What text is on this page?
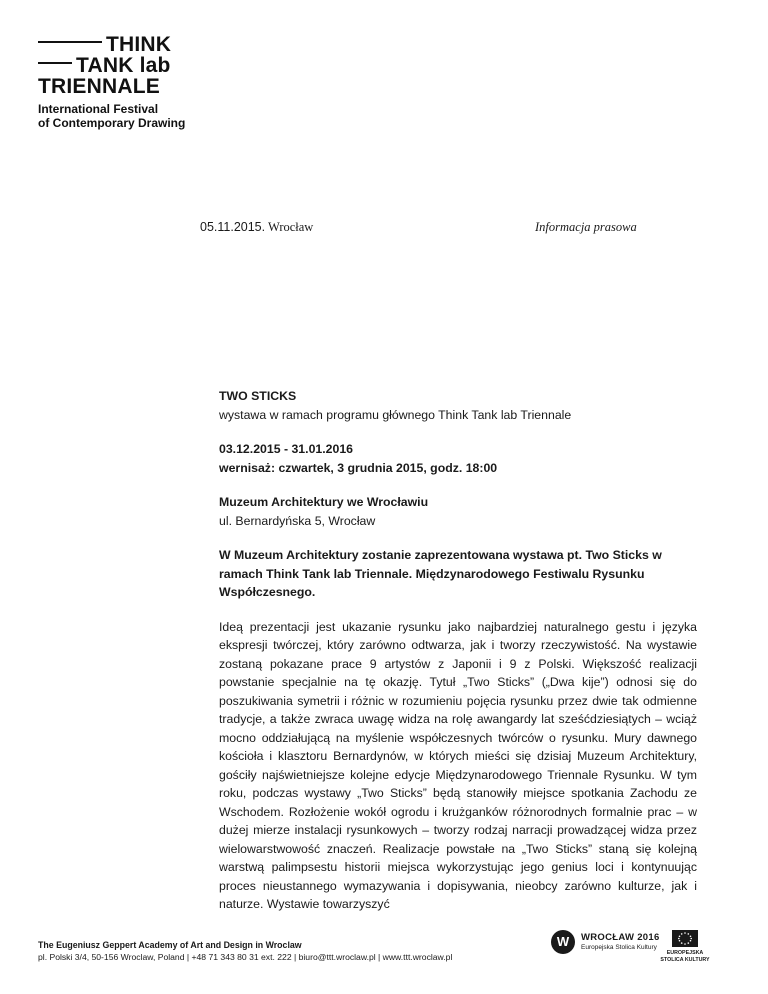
THINK
TANK lab
TRIENNALE
International Festival
of Contemporary Drawing
05.11.2015. Wrocław	Informacja prasowa

TWO STICKS

wystawa w ramach programu głównego Think Tank lab Triennale

03.12.2015 - 31.01.2016

wernisaż: czwartek, 3 grudnia 2015, godz. 18:00

Muzeum Architektury we Wrocławiu

ul. Bernardyńska 5, Wrocław

W Muzeum Architektury zostanie zaprezentowana wystawa pt. Two Sticks w ramach Think Tank lab Triennale. Międzynarodowego Festiwalu Rysunku Współczesnego.

Ideą prezentacji jest ukazanie rysunku jako najbardziej naturalnego gestu i języka ekspresji twórczej, który zarówno odtwarza, jak i tworzy rzeczywistość. Na wystawie zostaną pokazane prace 9 artystów z Japonii i 9 z Polski. Większość realizacji powstanie specjalnie na tę okazję. Tytuł „Two Sticks” („Dwa kije”) odnosi się do poszukiwania symetrii i różnic w rozumieniu pojęcia rysunku przez dwie tak odmienne tradycje, a także zwraca uwagę widza na rolę awangardy lat sześćdziesiątych – wciąż mocno oddziałującą na myślenie współczesnych twórców o rysunku. Mury dawnego kościoła i klasztoru Bernardynów, w których mieści się dzisiaj Muzeum Architektury, gościły najświetniejsze kolejne edycje Międzynarodowego Triennale Rysunku. W tym roku, podczas wystawy „Two Sticks” będą stanowiły miejsce spotkania Zachodu ze Wschodem. Rozłożenie wokół ogrodu i krużganków różnorodnych formalnie prac – w dużej mierze instalacji rysunkowych – tworzy rodzaj narracji prowadzącej widza przez wielowarstwowość znaczeń. Realizacje powstałe na „Two Sticks” staną się kolejną warstwą palimpsestu historii miejsca wykorzystując jego genius loci i kontynuując proces nieustannego wymazywania i dopisywania, nieobcy zarówno kulturze, jak i naturze. Wystawie towarzyszyć

The Eugeniusz Geppert Academy of Art and Design in Wroclaw
pl. Polski 3/4, 50-156 Wroclaw, Poland | +48 71 343 80 31 ext. 222 | biuro@ttt.wroclaw.pl | www.ttt.wroclaw.pl
W	WROCŁAW 2016
Europejska Stolica Kultury
EUROPEJSKA
STOLICA KULTURY
